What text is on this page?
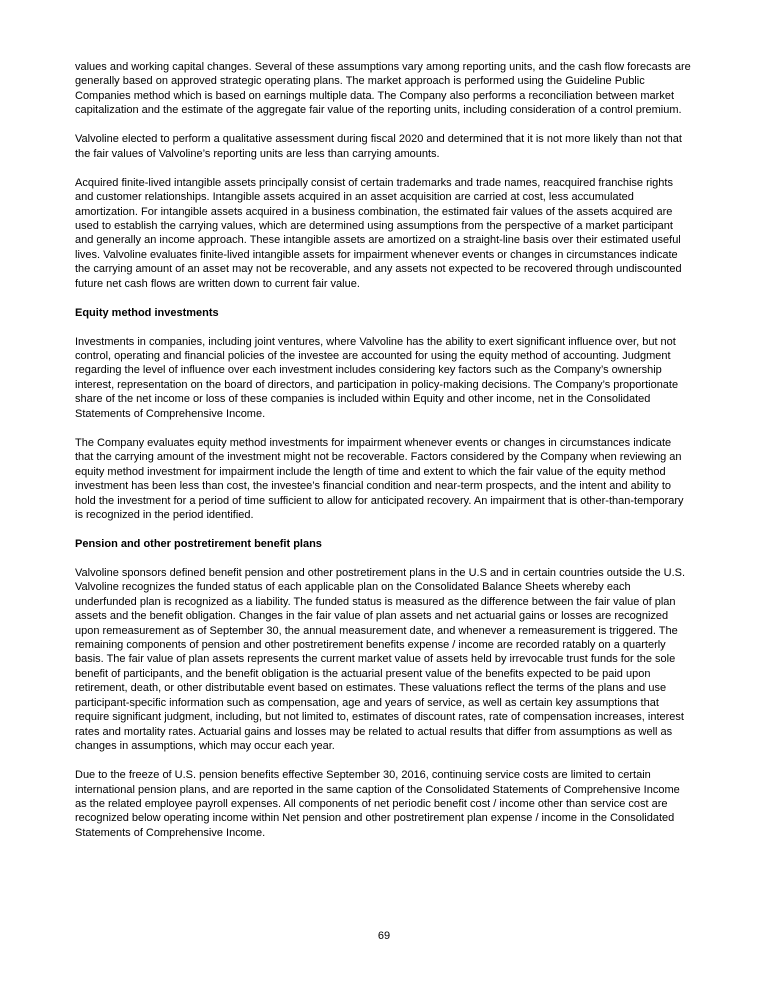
values and working capital changes. Several of these assumptions vary among reporting units, and the cash flow forecasts are generally based on approved strategic operating plans. The market approach is performed using the Guideline Public Companies method which is based on earnings multiple data. The Company also performs a reconciliation between market capitalization and the estimate of the aggregate fair value of the reporting units, including consideration of a control premium.
Valvoline elected to perform a qualitative assessment during fiscal 2020 and determined that it is not more likely than not that the fair values of Valvoline’s reporting units are less than carrying amounts.
Acquired finite-lived intangible assets principally consist of certain trademarks and trade names, reacquired franchise rights and customer relationships. Intangible assets acquired in an asset acquisition are carried at cost, less accumulated amortization. For intangible assets acquired in a business combination, the estimated fair values of the assets acquired are used to establish the carrying values, which are determined using assumptions from the perspective of a market participant and generally an income approach. These intangible assets are amortized on a straight-line basis over their estimated useful lives. Valvoline evaluates finite-lived intangible assets for impairment whenever events or changes in circumstances indicate the carrying amount of an asset may not be recoverable, and any assets not expected to be recovered through undiscounted future net cash flows are written down to current fair value.
Equity method investments
Investments in companies, including joint ventures, where Valvoline has the ability to exert significant influence over, but not control, operating and financial policies of the investee are accounted for using the equity method of accounting. Judgment regarding the level of influence over each investment includes considering key factors such as the Company’s ownership interest, representation on the board of directors, and participation in policy-making decisions. The Company’s proportionate share of the net income or loss of these companies is included within Equity and other income, net in the Consolidated Statements of Comprehensive Income.
The Company evaluates equity method investments for impairment whenever events or changes in circumstances indicate that the carrying amount of the investment might not be recoverable. Factors considered by the Company when reviewing an equity method investment for impairment include the length of time and extent to which the fair value of the equity method investment has been less than cost, the investee’s financial condition and near-term prospects, and the intent and ability to hold the investment for a period of time sufficient to allow for anticipated recovery. An impairment that is other-than-temporary is recognized in the period identified.
Pension and other postretirement benefit plans
Valvoline sponsors defined benefit pension and other postretirement plans in the U.S and in certain countries outside the U.S. Valvoline recognizes the funded status of each applicable plan on the Consolidated Balance Sheets whereby each underfunded plan is recognized as a liability. The funded status is measured as the difference between the fair value of plan assets and the benefit obligation. Changes in the fair value of plan assets and net actuarial gains or losses are recognized upon remeasurement as of September 30, the annual measurement date, and whenever a remeasurement is triggered. The remaining components of pension and other postretirement benefits expense / income are recorded ratably on a quarterly basis. The fair value of plan assets represents the current market value of assets held by irrevocable trust funds for the sole benefit of participants, and the benefit obligation is the actuarial present value of the benefits expected to be paid upon retirement, death, or other distributable event based on estimates. These valuations reflect the terms of the plans and use participant-specific information such as compensation, age and years of service, as well as certain key assumptions that require significant judgment, including, but not limited to, estimates of discount rates, rate of compensation increases, interest rates and mortality rates. Actuarial gains and losses may be related to actual results that differ from assumptions as well as changes in assumptions, which may occur each year.
Due to the freeze of U.S. pension benefits effective September 30, 2016, continuing service costs are limited to certain international pension plans, and are reported in the same caption of the Consolidated Statements of Comprehensive Income as the related employee payroll expenses. All components of net periodic benefit cost / income other than service cost are recognized below operating income within Net pension and other postretirement plan expense / income in the Consolidated Statements of Comprehensive Income.
69
